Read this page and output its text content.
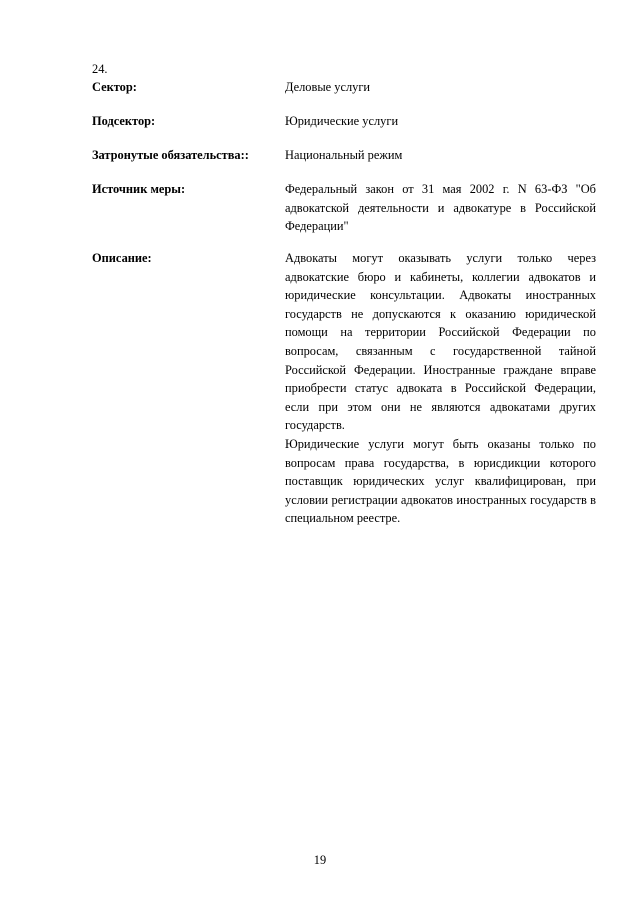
24.
Сектор:	Деловые услуги
Подсектор:	Юридические услуги
Затронутые обязательства::	Национальный режим
Источник меры:	Федеральный закон от 31 мая 2002 г. N 63-ФЗ "Об адвокатской деятельности и адвокатуре в Российской Федерации"
Описание:	Адвокаты могут оказывать услуги только через адвокатские бюро и кабинеты, коллегии адвокатов и юридические консультации. Адвокаты иностранных государств не допускаются к оказанию юридической помощи на территории Российской Федерации по вопросам, связанным с государственной тайной Российской Федерации. Иностранные граждане вправе приобрести статус адвоката в Российской Федерации, если при этом они не являются адвокатами других государств.

Юридические услуги могут быть оказаны только по вопросам права государства, в юрисдикции которого поставщик юридических услуг квалифицирован, при условии регистрации адвокатов иностранных государств в специальном реестре.

19
